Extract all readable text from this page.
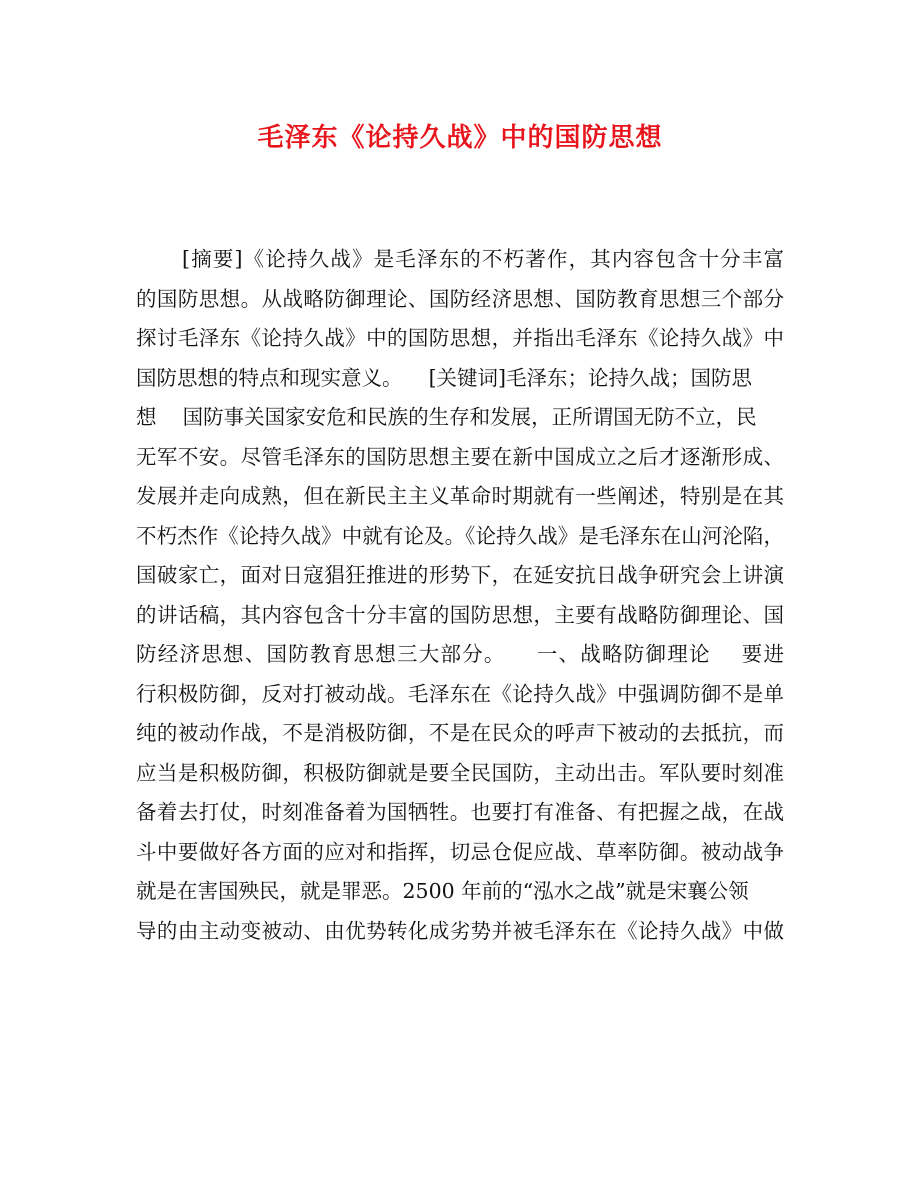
毛泽东《论持久战》中的国防思想
[摘要]《论持久战》是毛泽东的不朽著作，其内容包含十分丰富
的国防思想。从战略防御理论、国防经济思想、国防教育思想三个部分
探讨毛泽东《论持久战》中的国防思想，并指出毛泽东《论持久战》中
国防思想的特点和现实意义。    [关键词]毛泽东；论持久战；国防思
想    国防事关国家安危和民族的生存和发展，正所谓国无防不立，民
无军不安。尽管毛泽东的国防思想主要在新中国成立之后才逐渐形成、
发展并走向成熟，但在新民主主义革命时期就有一些阐述，特别是在其
不朽杰作《论持久战》中就有论及。《论持久战》是毛泽东在山河沦陷，
国破家亡，面对日寇猖狂推进的形势下，在延安抗日战争研究会上讲演
的讲话稿，其内容包含十分丰富的国防思想，主要有战略防御理论、国
防经济思想、国防教育思想三大部分。    一、战略防御理论    要进
行积极防御，反对打被动战。毛泽东在《论持久战》中强调防御不是单
纯的被动作战，不是消极防御，不是在民众的呼声下被动的去抵抗，而
应当是积极防御，积极防御就是要全民国防，主动出击。军队要时刻准
备着去打仗，时刻准备着为国牺牲。也要打有准备、有把握之战，在战
斗中要做好各方面的应对和指挥，切忌仓促应战、草率防御。被动战争
就是在害国殃民，就是罪恶。2500 年前的“泓水之战”就是宋襄公领
导的由主动变被动、由优势转化成劣势并被毛泽东在《论持久战》中做
